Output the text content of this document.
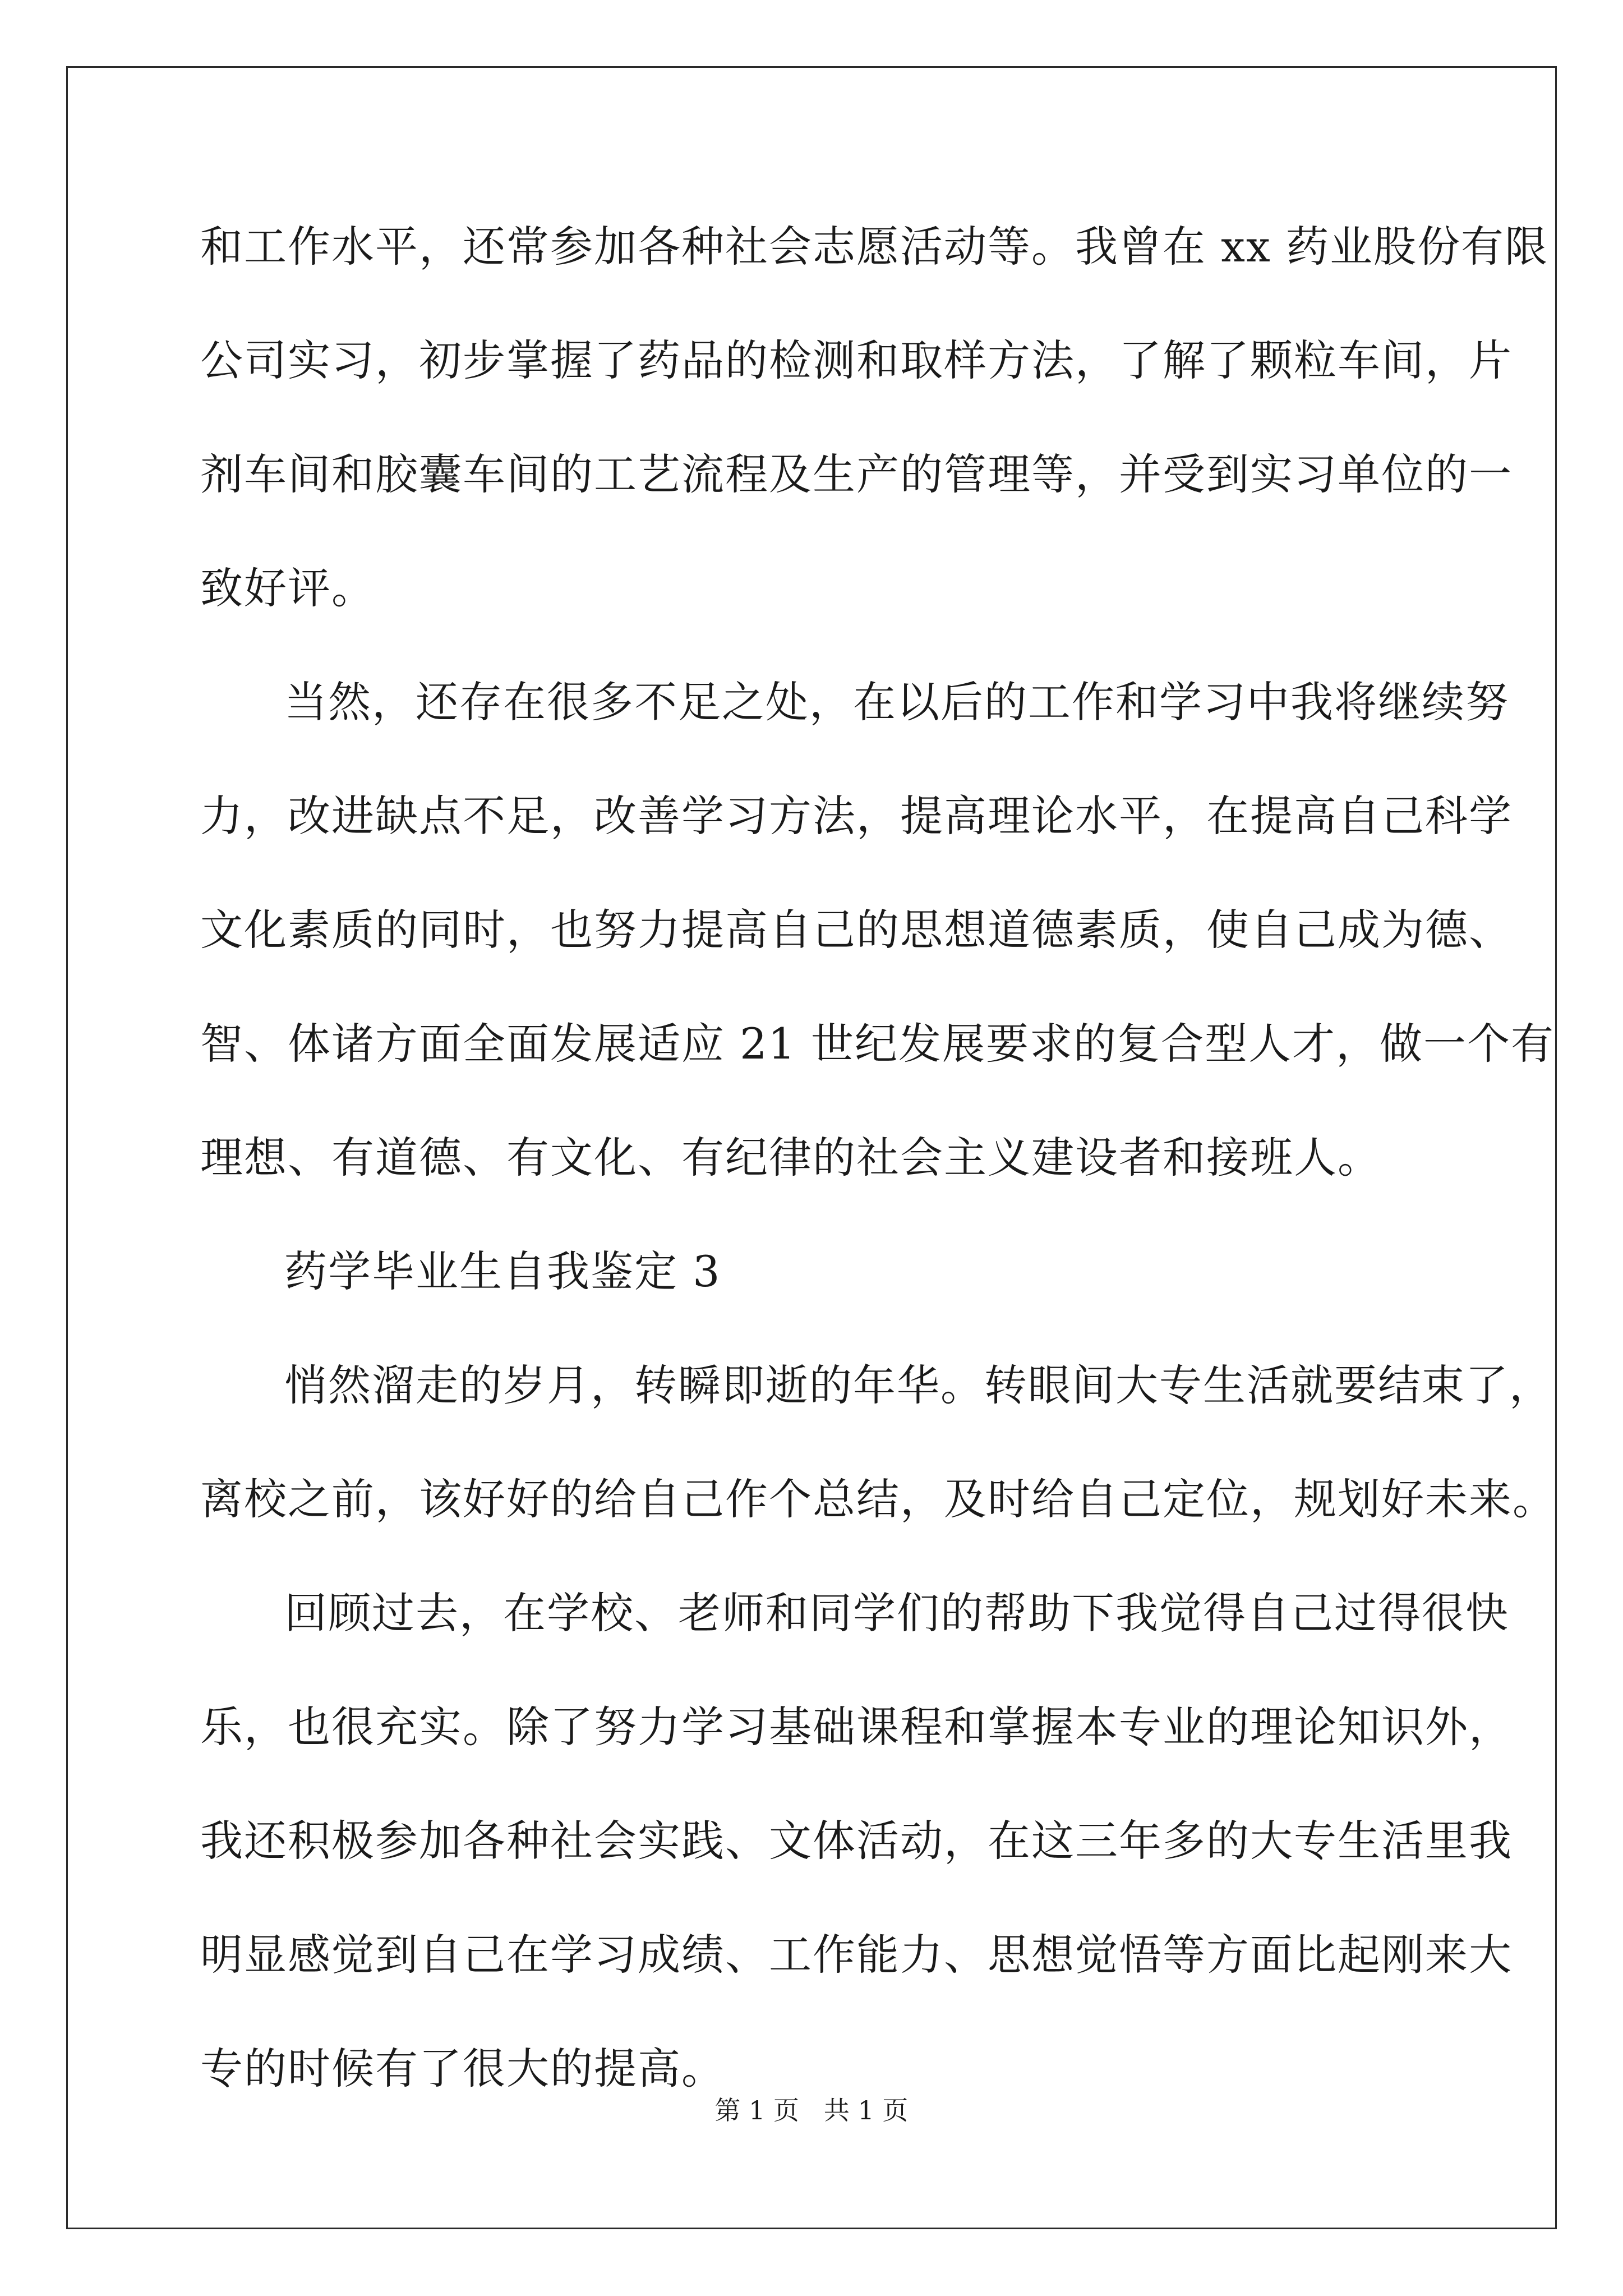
和工作水平，还常参加各种社会志愿活动等。我曾在 xx 药业股份有限
公司实习，初步掌握了药品的检测和取样方法，了解了颗粒车间，片
剂车间和胶囊车间的工艺流程及生产的管理等，并受到实习单位的一
致好评。
当然，还存在很多不足之处，在以后的工作和学习中我将继续努
力，改进缺点不足，改善学习方法，提高理论水平，在提高自己科学
文化素质的同时，也努力提高自己的思想道德素质，使自己成为德、
智、体诸方面全面发展适应 21 世纪发展要求的复合型人才，做一个有
理想、有道德、有文化、有纪律的社会主义建设者和接班人。
药学毕业生自我鉴定 3
悄然溜走的岁月，转瞬即逝的年华。转眼间大专生活就要结束了，
离校之前，该好好的给自己作个总结，及时给自己定位，规划好未来。
回顾过去，在学校、老师和同学们的帮助下我觉得自己过得很快
乐，也很充实。除了努力学习基础课程和掌握本专业的理论知识外，
我还积极参加各种社会实践、文体活动，在这三年多的大专生活里我
明显感觉到自己在学习成绩、工作能力、思想觉悟等方面比起刚来大
专的时候有了很大的提高。
第 1 页   共 1 页
